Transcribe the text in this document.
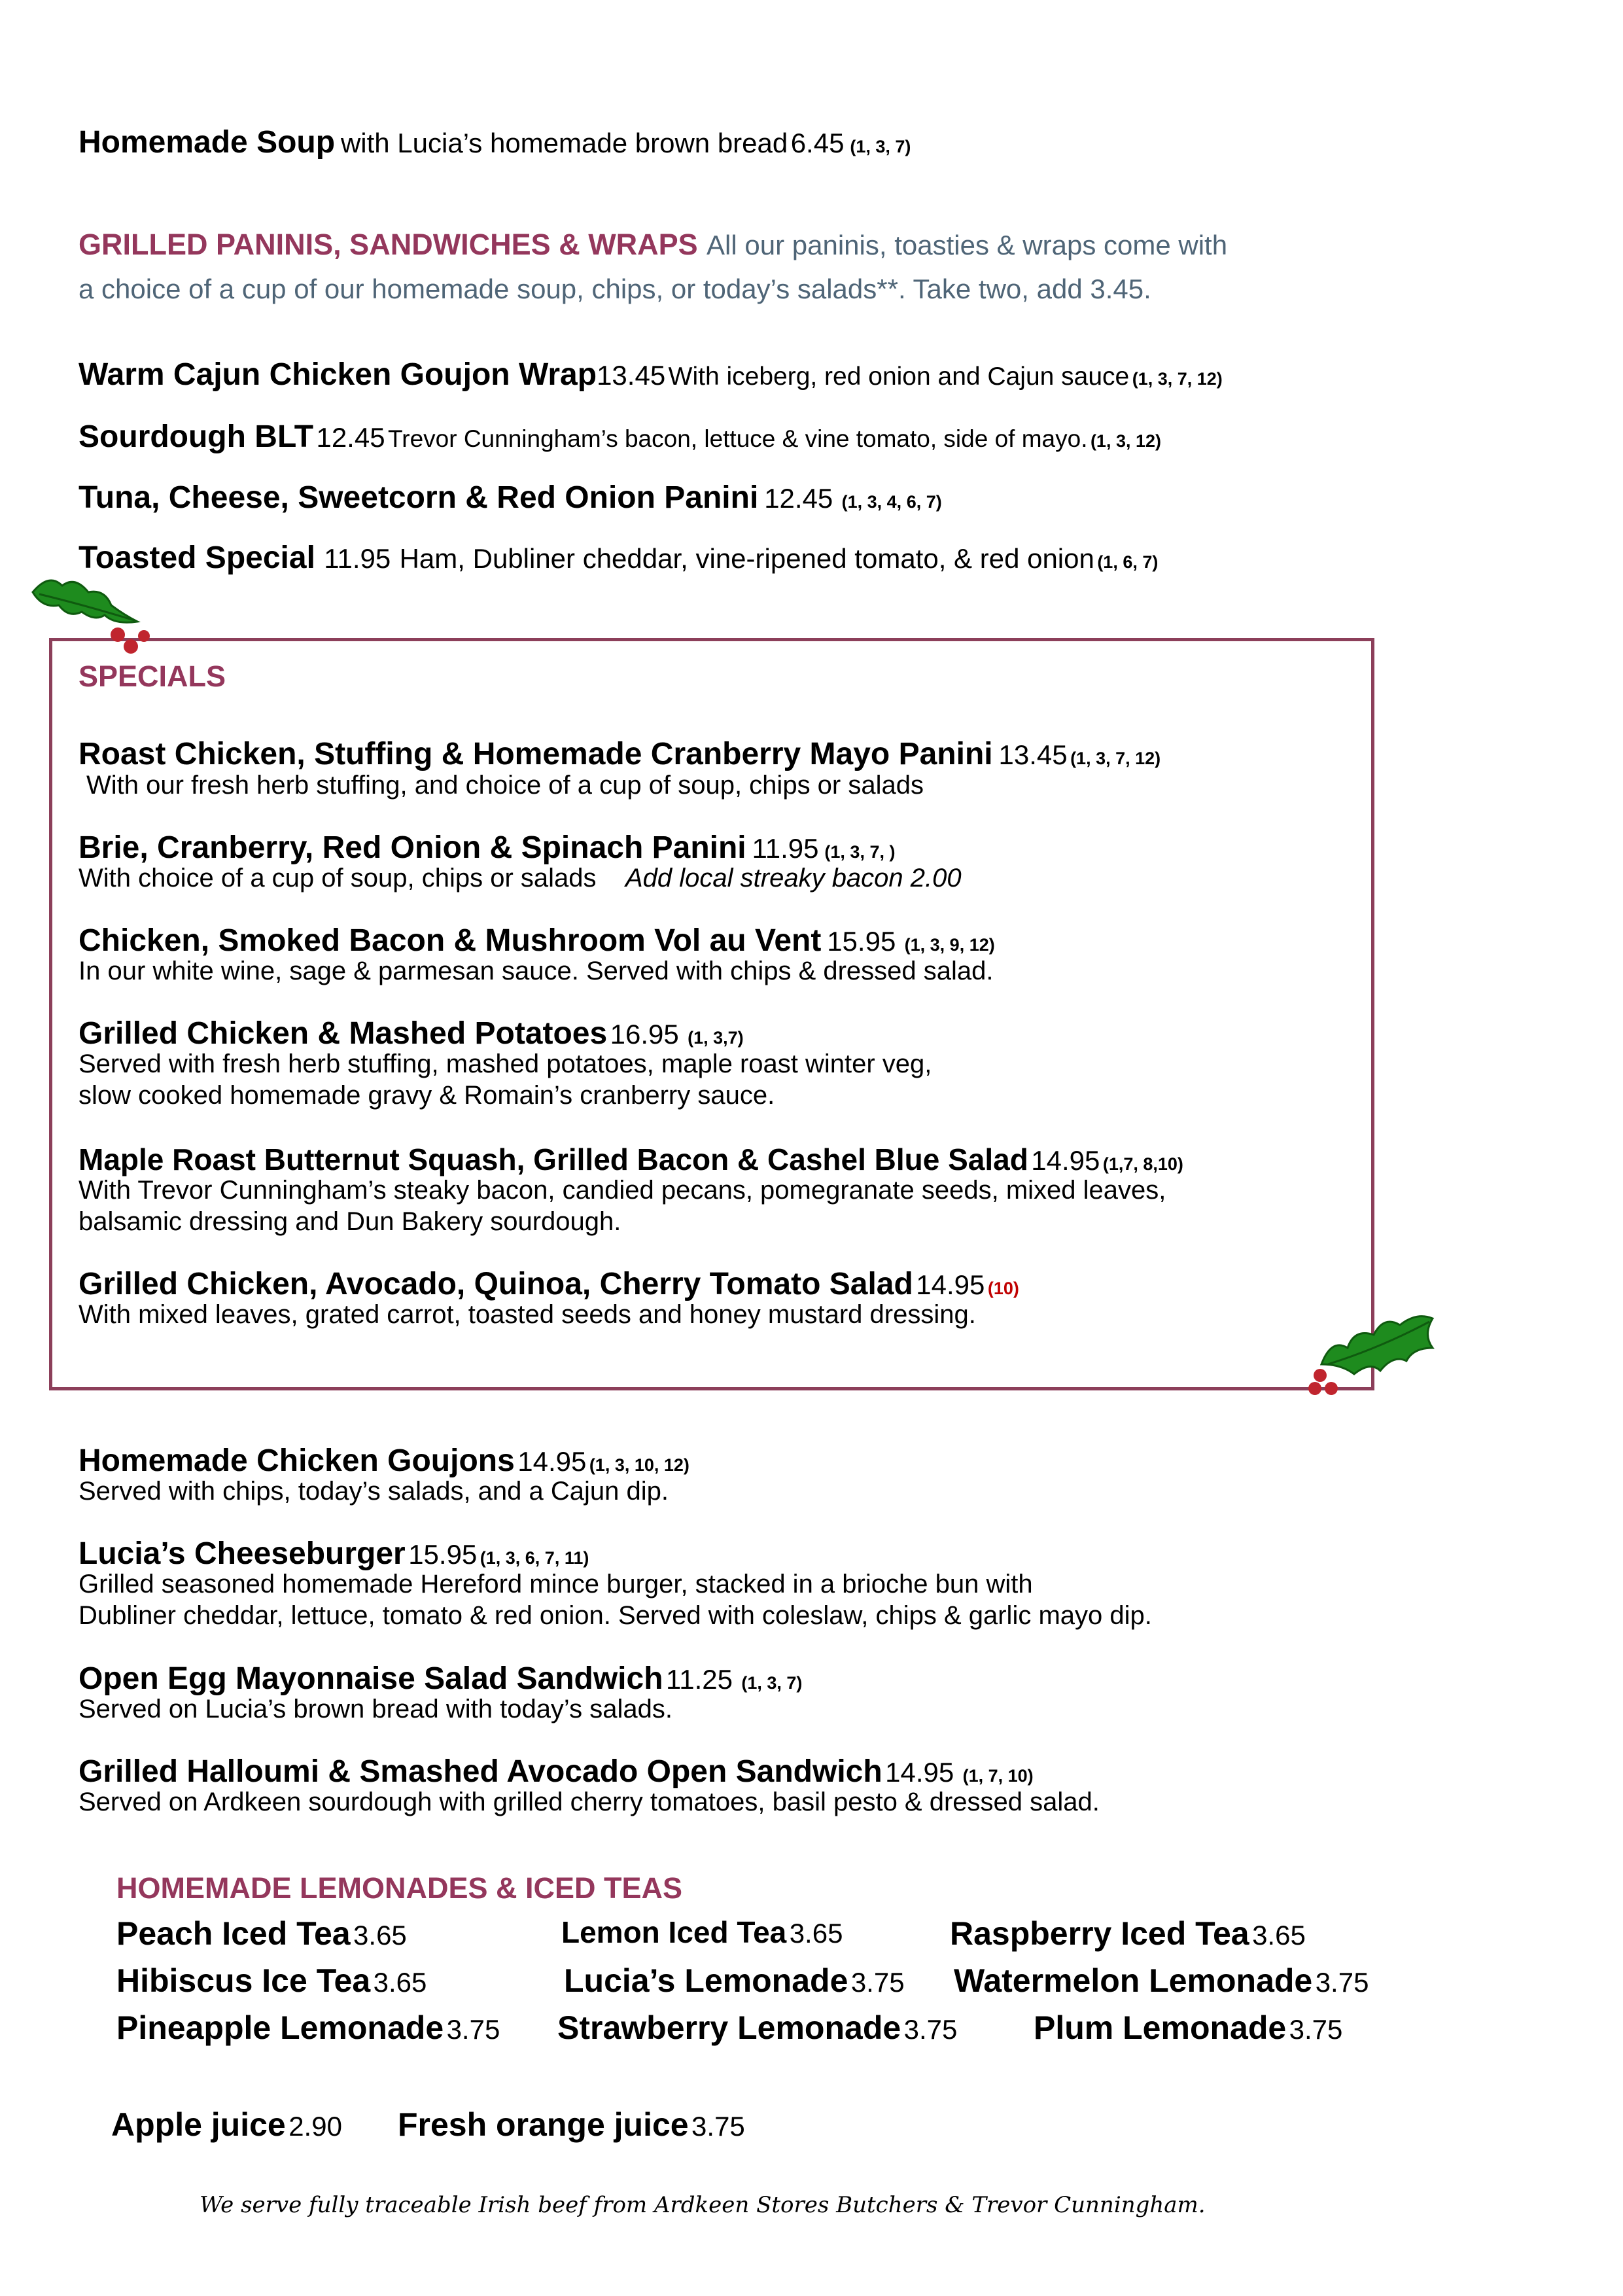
Homemade Soup with Lucia’s homemade brown bread 6.45 (1, 3, 7)
GRILLED PANINIS, SANDWICHES & WRAPS All our paninis, toasties & wraps come with
a choice of a cup of our homemade soup, chips, or today’s salads**. Take two, add 3.45.
Warm Cajun Chicken Goujon Wrap13.45 With iceberg, red onion and Cajun sauce (1, 3, 7, 12)
Sourdough BLT 12.45 Trevor Cunningham’s bacon, lettuce & vine tomato, side of mayo. (1, 3, 12)
Tuna, Cheese, Sweetcorn & Red Onion Panini 12.45 (1, 3, 4, 6, 7)
Toasted Special 11.95 Ham, Dubliner cheddar, vine-ripened tomato, & red onion (1, 6, 7)
SPECIALS
Roast Chicken, Stuffing & Homemade Cranberry Mayo Panini 13.45 (1, 3, 7, 12)
With our fresh herb stuffing, and choice of a cup of soup, chips or salads
Brie, Cranberry, Red Onion & Spinach Panini 11.95 (1, 3, 7, )
With choice of a cup of soup, chips or salads Add local streaky bacon 2.00
Chicken, Smoked Bacon & Mushroom Vol au Vent 15.95 (1, 3, 9, 12)
In our white wine, sage & parmesan sauce. Served with chips & dressed salad.
Grilled Chicken & Mashed Potatoes 16.95 (1, 3,7)
Served with fresh herb stuffing, mashed potatoes, maple roast winter veg,
slow cooked homemade gravy & Romain’s cranberry sauce.
Maple Roast Butternut Squash, Grilled Bacon & Cashel Blue Salad 14.95 (1,7, 8,10)
With Trevor Cunningham’s steaky bacon, candied pecans, pomegranate seeds, mixed leaves,
balsamic dressing and Dun Bakery sourdough.
Grilled Chicken, Avocado, Quinoa, Cherry Tomato Salad 14.95 (10)
With mixed leaves, grated carrot, toasted seeds and honey mustard dressing.
Homemade Chicken Goujons 14.95 (1, 3, 10, 12)
Served with chips, today’s salads, and a Cajun dip.
Lucia’s Cheeseburger 15.95 (1, 3, 6, 7, 11)
Grilled seasoned homemade Hereford mince burger, stacked in a brioche bun with
Dubliner cheddar, lettuce, tomato & red onion. Served with coleslaw, chips & garlic mayo dip.
Open Egg Mayonnaise Salad Sandwich 11.25 (1, 3, 7)
Served on Lucia’s brown bread with today’s salads.
Grilled Halloumi & Smashed Avocado Open Sandwich 14.95 (1, 7, 10)
Served on Ardkeen sourdough with grilled cherry tomatoes, basil pesto & dressed salad.
HOMEMADE LEMONADES & ICED TEAS
Peach Iced Tea 3.65	Lemon Iced Tea 3.65	Raspberry Iced Tea 3.65
Hibiscus Ice Tea 3.65	Lucia’s Lemonade 3.75 Watermelon Lemonade 3.75
Pineapple Lemonade 3.75 Strawberry Lemonade 3.75 Plum Lemonade 3.75
Apple juice 2.90 Fresh orange juice 3.75
We serve fully traceable Irish beef from Ardkeen Stores Butchers & Trevor Cunningham.
